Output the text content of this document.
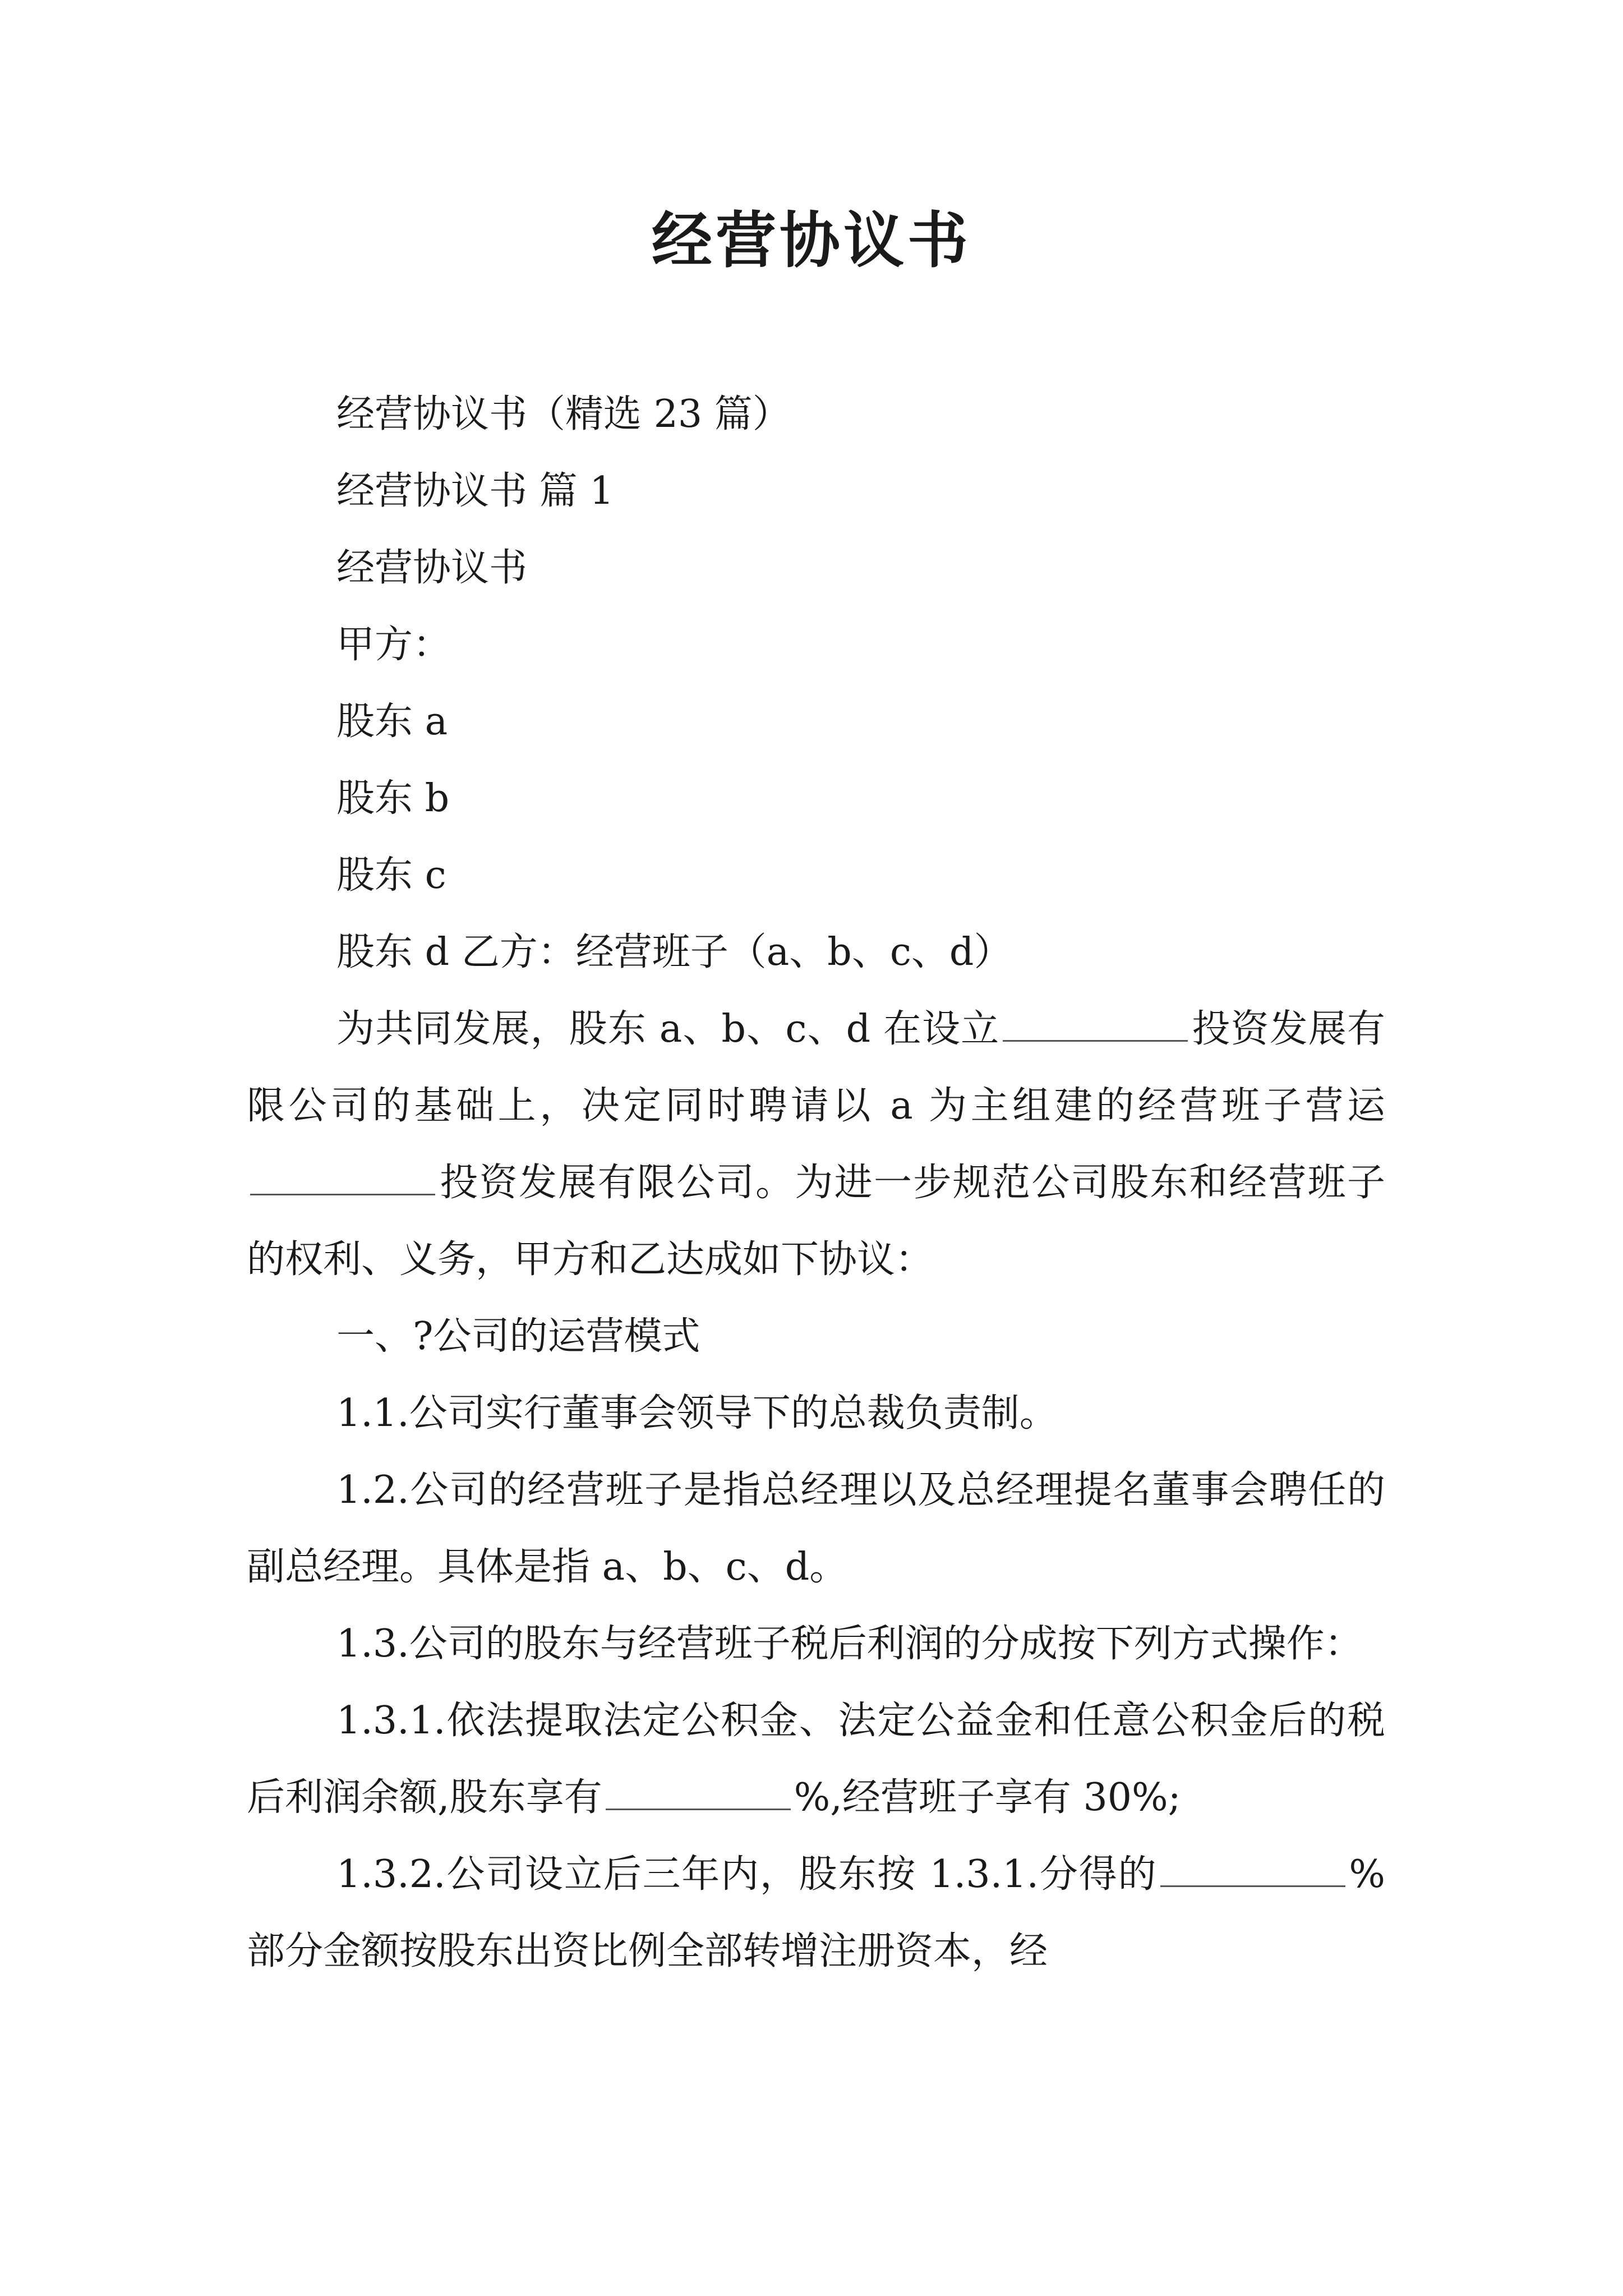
经营协议书

经营协议书（精选 23 篇）

经营协议书 篇 1

经营协议书

甲方：

股东 a

股东 b

股东 c

股东 d 乙方：经营班子（a、b、c、d）

为共同发展，股东 a、b、c、d 在设立	投资发展有限公司的基础上，决定同时聘请以 a 为主组建的经营班子营运投资发展有限公司。为进一步规范公司股东和经营班子的权利、义务，甲方和乙达成如下协议：

一、?公司的运营模式

1.1.公司实行董事会领导下的总裁负责制。

1.2.公司的经营班子是指总经理以及总经理提名董事会聘任的副总经理。具体是指 a、b、c、d。

1.3.公司的股东与经营班子税后利润的分成按下列方式操作：

1.3.1.依法提取法定公积金、法定公益金和任意公积金后的税后利润余额,股东享有	%,经营班子享有 30%;

1.3.2.公司设立后三年内，股东按 1.3.1.分得的	%部分金额按股东出资比例全部转增注册资本，经
